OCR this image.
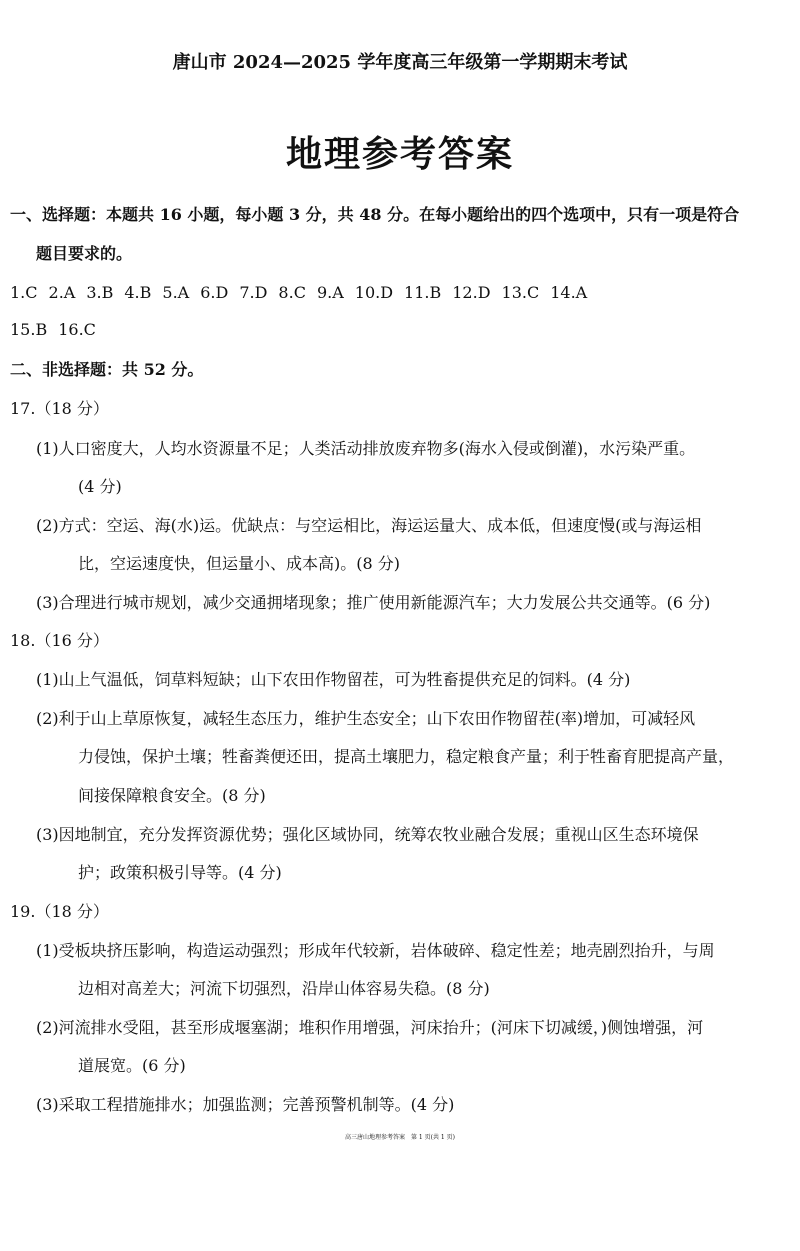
唐山市 2024—2025 学年度高三年级第一学期期末考试
地理参考答案
一、选择题：本题共 16 小题，每小题 3 分，共 48 分。在每小题给出的四个选项中，只有一项是符合
题目要求的。
1.C 2.A 3.B 4.B 5.A 6.D 7.D 8.C 9.A 10.D 11.B 12.D 13.C 14.A
15.B 16.C
二、非选择题：共 52 分。
17.（18 分）
(1)人口密度大，人均水资源量不足；人类活动排放废弃物多(海水入侵或倒灌)，水污染严重。
(4 分)
(2)方式：空运、海(水)运。优缺点：与空运相比，海运运量大、成本低，但速度慢(或与海运相
比，空运速度快，但运量小、成本高)。(8 分)
(3)合理进行城市规划，减少交通拥堵现象；推广使用新能源汽车；大力发展公共交通等。(6 分)
18.（16 分）
(1)山上气温低，饲草料短缺；山下农田作物留茬，可为牲畜提供充足的饲料。(4 分)
(2)利于山上草原恢复，减轻生态压力，维护生态安全；山下农田作物留茬(率)增加，可减轻风
力侵蚀，保护土壤；牲畜粪便还田，提高土壤肥力，稳定粮食产量；利于牲畜育肥提高产量，
间接保障粮食安全。(8 分)
(3)因地制宜，充分发挥资源优势；强化区域协同，统筹农牧业融合发展；重视山区生态环境保
护；政策积极引导等。(4 分)
19.（18 分）
(1)受板块挤压影响，构造运动强烈；形成年代较新，岩体破碎、稳定性差；地壳剧烈抬升，与周
边相对高差大；河流下切强烈，沿岸山体容易失稳。(8 分)
(2)河流排水受阻，甚至形成堰塞湖；堆积作用增强，河床抬升；(河床下切减缓，)侧蚀增强，河
道展宽。(6 分)
(3)采取工程措施排水；加强监测；完善预警机制等。(4 分)
高三唐山地理参考答案　第 1 页(共 1 页)
